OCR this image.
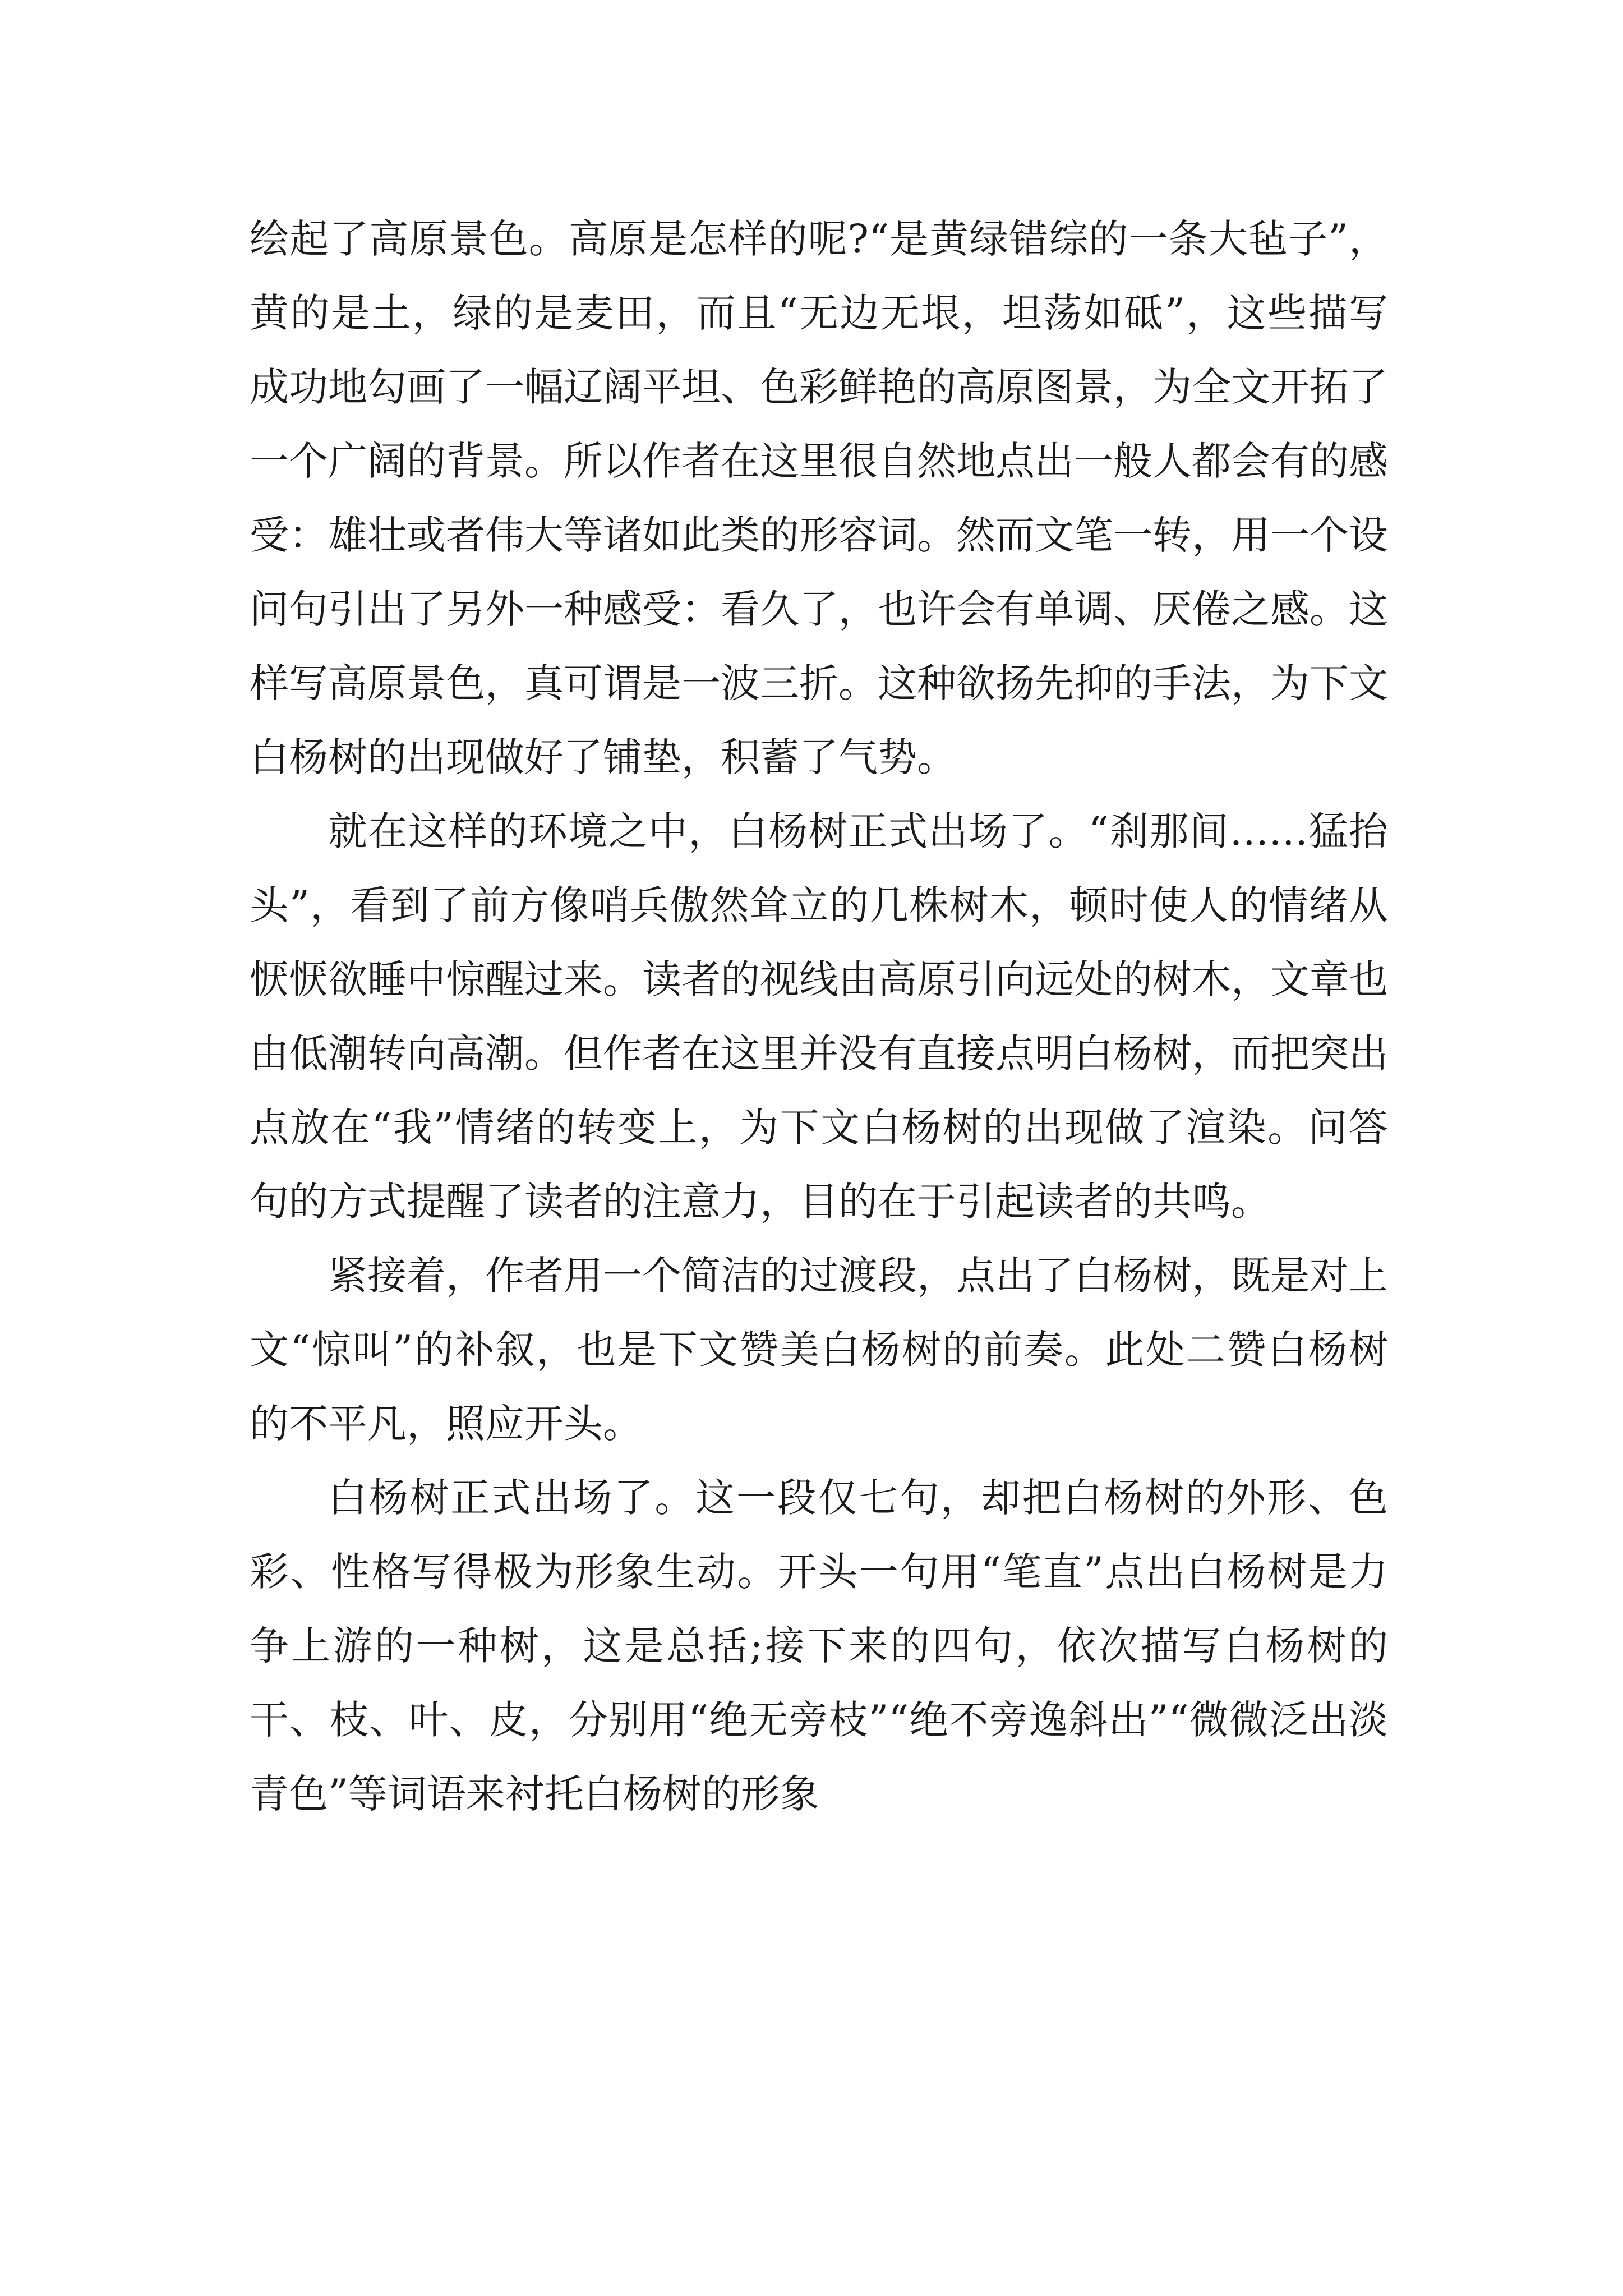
绘起了高原景色。高原是怎样的呢?“是黄绿错综的一条大毡子”，黄的是土，绿的是麦田，而且“无边无垠，坦荡如砥”，这些描写成功地勾画了一幅辽阔平坦、色彩鲜艳的高原图景，为全文开拓了一个广阔的背景。所以作者在这里很自然地点出一般人都会有的感受：雄壮或者伟大等诸如此类的形容词。然而文笔一转，用一个设问句引出了另外一种感受：看久了，也许会有单调、厌倦之感。这样写高原景色，真可谓是一波三折。这种欲扬先抑的手法，为下文白杨树的出现做好了铺垫，积蓄了气势。

就在这样的环境之中，白杨树正式出场了。“刹那间……猛抬头”，看到了前方像哨兵傲然耸立的几株树木，顿时使人的情绪从恹恹欲睡中惊醒过来。读者的视线由高原引向远处的树木，文章也由低潮转向高潮。但作者在这里并没有直接点明白杨树，而把突出点放在“我”情绪的转变上，为下文白杨树的出现做了渲染。问答句的方式提醒了读者的注意力，目的在于引起读者的共鸣。

紧接着，作者用一个简洁的过渡段，点出了白杨树，既是对上文“惊叫”的补叙，也是下文赞美白杨树的前奏。此处二赞白杨树的不平凡，照应开头。

白杨树正式出场了。这一段仅七句，却把白杨树的外形、色彩、性格写得极为形象生动。开头一句用“笔直”点出白杨树是力争上游的一种树，这是总括;接下来的四句，依次描写白杨树的干、枝、叶、皮，分别用“绝无旁枝”“绝不旁逸斜出”“微微泛出淡青色”等词语来衬托白杨树的形象
